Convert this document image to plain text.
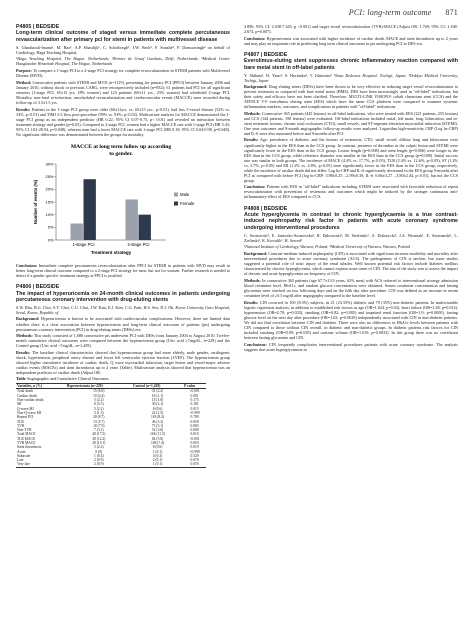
PCI: long-term outcome 871
P4805 | BEDSIDE
Long-term clinical outcome of staged versus immediate complete percutaneous revascularization after primary pci for stemi in patients with multivessel disease
S. Ghauharali-Imami¹, M. Bax¹, A.P. Haasdijk¹, C. Schotborgh¹, J.W. Bech², F. Sonalie³, P. Damsawingh³ on behalf of Cardiology, Haga Teaching Hospital,
¹Haga Teaching Hospital, The Hague, Netherlands; ²Reinier de Graaf Gasthuis, Delft, Netherlands; ³Medical Center Haaglanden Westeinde Hospital, The Hague, Netherlands
Purpose: To compare a 1-stage PCI to a 2-stage PCI strategy for complete revascularization in STEMI patients with Multivessel Disease (MVD).
Method: Consecutive patients with STEMI and MVD (n=1119), presenting for primary PCI (PPCI) between January 2006 and January 2010, without shock or previous CABG, were retrospectively included (n=832); 61 patients had PCI for all significant stenoses (1-stage PCI, 65±15 yrs, 18% women) and 123 patients (60±11 yrs., 23% women) had scheduled 2-stage PCI. Mortality, non-fatal re-infarction, unscheduled revascularization and cerebrovascular events (MACCE) were recorded during follow-up of 3.5±1.5 yrs.
Results: Patients in the 1-stage PCI group were older (60±11yrs. vs. 65±15 yrs.; p<0.01), had less 3-vessel disease (52% vs. 33%, p<0.01) and TIMI 2-3 flow post-procedure (99% vs. 93%; p<0.02). Multivariate analysis for MACCE demonstrated the 1-stage PCI group as an independent predictor (HR 0.22; 95% CI 0.07-0.75, p< 0.01) and revealed an interaction between treatment strategy and gender (p=0.03). Compared to 2-stage PCI, women had a higher MACCE rate with 1-stage PCI (HR 5.43; 95% CI 1.02-28.94, p=0.048), whereas men had a lower MACCE rate with 1-stage PCI (HR 0.18; 95% CI 0.04-0.98, p=0.048). No significant difference was demonstrated between the groups for mortality.
MACCE at long term follow up according
to gender.
0%
5%
10%
15%
20%
25%
30%
Number of events (%)
1-stage PCI	2-stage PCI
Treatment strategy
Male
Female
Conclusion: Immediate complete percutaneous revascularization after PPCI for STEMI in patients with MVD may result in better long-term clinical outcome compared to a 2-stage PCI strategy for men, but not for women. Further research is needed to detect if a gender specific treatment strategy at PPCI is justified.
P4806 | BEDSIDE
The impact of hyperuricemia on 24-month clinical outcomes in patients undergoing percutaneous coronary intervention with drug-eluting stents
S.W. Rha, B.G. Choi, S.Y. Choi, C.U. Choi, J.W. Kim, E.J. Kim, C.G. Park, H.S. Seo, D.J. Oh. Korea University Guro Hospital, Seoul, Korea, Republic of
Background: Hyperuricemia is known to be associated with cardiovascular complications. However, there are limited data whether there is a clear association between hyperuricemia and long-term clinical outcomes of patients (pts) undergoing percutaneous coronary intervention (PCI) in drug-eluting stents (DESs) era.
Methods: This study consisted of 1,686 consecutive pts underwent PCI with DESs from January 2004 to August 2010. Twelve-month cumulative clinical outcomes were compared between the hyperuricemia group (Uric acid ≥7mg/dL, n=229) and the Control group (Uric acid <7mg/dL, n=1,439).
Results: The baseline clinical characteristics showed that hyperuricemia group had more elderly, male gender, cardiogenic shock, hypertension, peripheral artery disease and lower left ventricular ejection fraction (LVEF). The hyperuricemia group showed higher cumulative incidence of cardiac death, Q wave myocardial infarction, target lesion and vessel-major adverse cardiac events (MACEs) and stent thrombosis up to 2 years (Table). Multivariate analysis showed that hyperuricemia was an independent predictor of cardiac death (Adjust OR:
Table Angiographic and Cumulative Clinical Outcomes
Variables, n (%)	Hyperuricemia (n=229)	Control (n=1,439)	P value
Total death	15 (6.6)	31 (2.2)	<0.001
Cardiac death	10 (4.4)	16 (1.1)	0.001
Non-cardiac death	5 (2.2)	15 (1.0)	0.175
MI	8 (3.5)	30 (2.1)	0.181
Q-wave MI	5 (2.2)	8 (0.6)	0.015
Non-Q-wave MI	3 (1.3)	22 (1.5)	>0.999
Repeat PCI	20 (8.7)	118 (8.2)	0.789
TLR	13 (5.7)	46 (3.2)	0.058
TVR	18 (7.9)	73 (5.1)	0.083
Non-TVR	7 (3.1)	52 (3.6)	0.680
Total MACE	40 (17.5)	166 (11.5)	0.010
TLR MACE	28 (12.2)	84 (5.8)	<0.001
TVR MACE	30 (13.1)	106 (7.4)	0.003
Stent thrombosis	5 (2.2)	8 (0.6)	0.019
Acute	0 (0)	1 (0.1)	>0.999
Subacute	1 (0.4)	4 (0.3)	0.520
Late	2 (0.9)	2 (0.1)	0.076
Very late	2 (0.9)	1 (0.1)	0.050
3.896; 95% CI: 2.038-7.445, p <0.001) and target vessel revascularization (TVR)-MACE (Adjust OR: 1.769; 95% CI: 1.168-2.674, p=0.007).
Conclusion: Hyperuricemia was associated with higher incidence of cardiac death, MACE and stent thrombosis up to 2 years and may play an important role in predicting long term clinical outcomes in pts undergoing PCI in DES era.
P4807 | BEDSIDE
Everolimus-eluting stent suppresses chronic inflammatory reaction compared with bare metal stent in off-label patients
Y. Shibata¹, H. Yano¹, S. Horinaka², T. Ishimitsu² ¹Nasu Redcross Hospital, Tochigi, Japan; ²Dokkyo Medical University, Tochigi, Japan
Background: Drug eluting stents (DESs) have been shown to be very effective in reducing target vessel revascularization to prevent restenosis as compared with bare metal stents (BMS). DES have been increasingly used in "off-label" indications, but their safety and efficacy have not been clarified. Therefore, MULTI-LINK VISION® cobalt chromium stent (CCS) and the XIENCE V® everolimus eluting stent (EES) which have the same CCS platform were compared to examine systemic inflammation markers, outcomes, and complications in patients with "off-label" indications.
Methods: Consecutive 365 patients (445 lesions) in off-label indications, who were treated with EES (221 patients, 255 lesions) and CCS (144 patients, 190 lesions) were evaluated. Off-label indications included ostial, left main, long, bifurcation, and in-stent restenotic lesions, chronic total occlusions (CTO), small vessels, and ST-segment elevation myocardial infarction (STEMI). One year outcomes and 9-month angiographic follow-up results were analyzed. Logarithm high-sensitivity CRP (Log hs-CRP) and IL-6 were also measured before and 9-months after PCI.
Results: Age, prevalence of diabetes, and the lesions of restenosis, CTO, small vessel, diffuse long and bifurcation were significantly higher in the EES than in the CCS group. In contrast, presence of thrombus in the culprit lesion and STEMI were significantly lower in the EES than in the CCS group. Lesion length (p=0.008) and stent length (p=0.006) were longer in the EES than in the CCS group, while reference diameter was smaller in the EES than in the CCS group (p=0.008). Initial success rate was similar in both groups. The incidence of MACE (4.4% vs. 17.7%, p<0.05), TLR (2.4% vs. 12.6%, p<0.05), ST (1.2% vs. 3.7%, p<0.05) and MI (1.2% vs. 4.8%, p<0.05) were significantly lower in the EES than in the CCS group, respectively, while the incidence of cardiac death did not differ. Log hs-CRP and IL-6 significantly decreased in the EES group 9-months after PCI as compared with before PCI (log hs-CRP: 3.98±0.25→2.99±0.39; IL-6: 6.66±3.27→3.80±2.44, p<0.01), but not the CCS group.
Conclusion: Patients with EES in "off-label" indications including STEMI were associated with favorable reduction of repeat revascularization with prevention of restenosis and outcomes which might be induced by the stronger continuous anti-inflammatory effect of EES compared to CCS.
P4808 | BEDSIDE
Acute hyperglycemia in contrast to chronic hyperglycaemia is a true contrast-induced nephropathy risk factor in patients with acute coronary syndrome undergoing interventional procedures
C. Sosnowski¹, E. Janeczko-Sosnowska², R. Dabrowski¹, M. Sierlinski¹, A. Dobrzycki¹, J.A. Wozniak¹, E. Szymanski¹, L. Zielinski¹, K. Kowalik¹, H. Szwed¹
¹National Institute of Cardiology, Warsaw, Poland; ²Medical University of Warsaw, Warsaw, Poland
Background: Contrast-medium-induced nephropathy (CIN) is associated with significant increase morbidity and mortality after interventional procedures due to acute coronary syndrome (ACS). The pathogenesis of CIN is unclear, but some studies suggested a potential role of toxic injury of the renal tubules. Well known potential risk factors include diabetes mellitus characterised by chronic hyperglycemia, which cannot explain acute onset of CIN. The aim of the study was to assess the impact of chronic and acute hyperglycemia on frequency of CIN.
Methods: In consecutive 365 patients (age 67.7±13.9 years, 62% men) with ACS referred to interventional strategy admission blood creatinine level, HbA1c, and random glucose concentration were obtained. Serum creatinine concentration and fasting glycaemia were checked on two following days and on the fifth day after procedure. CIN was defined as an increase in serum creatinine level of ≥0.5 mg/dl after angiography compared to the baseline level.
Results: CIN occurred in 100 (8.3%) subjects, in 21 (23.33%) diabetic and 79 (35%) non-diabetic patients. In multivariable logistic regression analysis, in addition to established risk factors as age (OR=1.024, p=0.02), heart failure (OR=1.28; p=0.014), hypertension (OR=2.70; p=0.033), smoking (OR=0.82; p=0.005) and impaired renal function (OR=1.9; p=0.0000), fasting glucose level on the next day after procedure (OR=1.02; p=0.0029) independently associated with CIN in non-diabetic patients. We did not find correlation between CIN and diabetes. There were also no differences in HbA1c levels between patients with CIN compared to those without CIN overall, in diabetic and non-diabetic groups. In diabetic patients risk factors for CIN included smoking (OR=0.09; p=0.029) and contrast volume (OR=1.016; p=0.0033). In this group there was no correlation between fasting glycaemia and CIN.
Conclusions: CIN frequently complicates interventional procedures patients with acute coronary syndrome. The analysis suggests that acute hyperglycaemia in
